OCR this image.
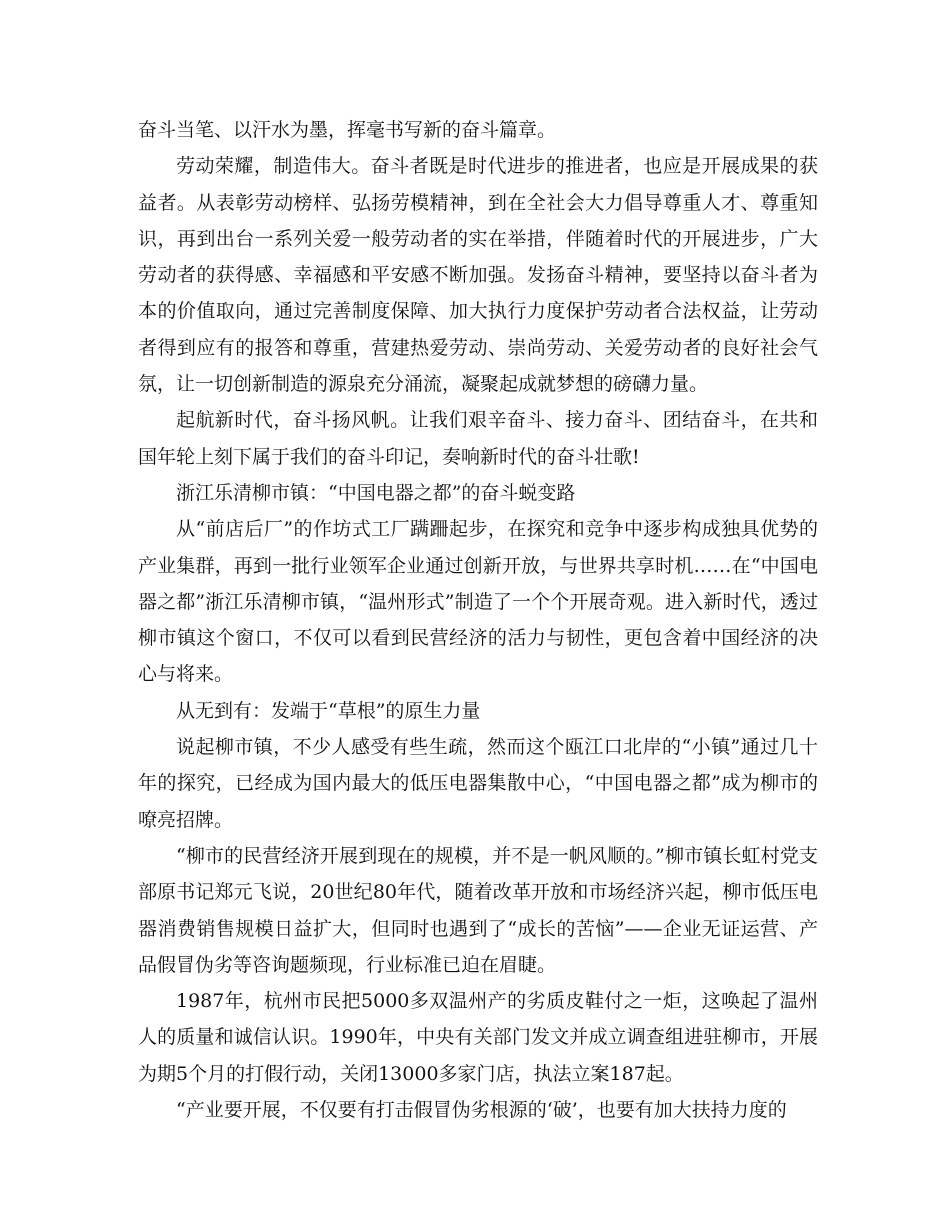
奋斗当笔、以汗水为墨，挥毫书写新的奋斗篇章。

劳动荣耀，制造伟大。奋斗者既是时代进步的推进者，也应是开展成果的获益者。从表彰劳动榜样、弘扬劳模精神，到在全社会大力倡导尊重人才、尊重知识，再到出台一系列关爱一般劳动者的实在举措，伴随着时代的开展进步，广大劳动者的获得感、幸福感和平安感不断加强。发扬奋斗精神，要坚持以奋斗者为本的价值取向，通过完善制度保障、加大执行力度保护劳动者合法权益，让劳动者得到应有的报答和尊重，营建热爱劳动、崇尚劳动、关爱劳动者的良好社会气氛，让一切创新制造的源泉充分涌流，凝聚起成就梦想的磅礴力量。

起航新时代，奋斗扬风帆。让我们艰辛奋斗、接力奋斗、团结奋斗，在共和国年轮上刻下属于我们的奋斗印记，奏响新时代的奋斗壮歌!

浙江乐清柳市镇：“中国电器之都”的奋斗蜕变路

从“前店后厂”的作坊式工厂蹒跚起步，在探究和竞争中逐步构成独具优势的产业集群，再到一批行业领军企业通过创新开放，与世界共享时机……在“中国电器之都”浙江乐清柳市镇，“温州形式”制造了一个个开展奇观。进入新时代，透过柳市镇这个窗口，不仅可以看到民营经济的活力与韧性，更包含着中国经济的决心与将来。

从无到有：发端于“草根”的原生力量

说起柳市镇，不少人感受有些生疏，然而这个瓯江口北岸的“小镇”通过几十年的探究，已经成为国内最大的低压电器集散中心，“中国电器之都”成为柳市的嘹亮招牌。

“柳市的民营经济开展到现在的规模，并不是一帆风顺的。”柳市镇长虹村党支部原书记郑元飞说，20世纪80年代，随着改革开放和市场经济兴起，柳市低压电器消费销售规模日益扩大，但同时也遇到了“成长的苦恼”——企业无证运营、产品假冒伪劣等咨询题频现，行业标准已迫在眉睫。

1987年，杭州市民把5000多双温州产的劣质皮鞋付之一炬，这唤起了温州人的质量和诚信认识。1990年，中央有关部门发文并成立调查组进驻柳市，开展为期5个月的打假行动，关闭13000多家门店，执法立案187起。

“产业要开展，不仅要有打击假冒伪劣根源的‘破’，也要有加大扶持力度的
